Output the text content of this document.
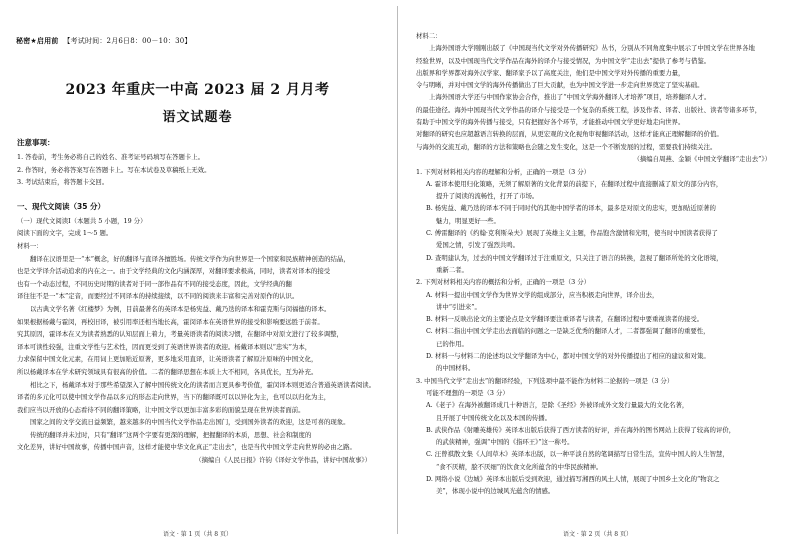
秘密★启用前 【考试时间：2月6日8：00－10：30】
2023 年重庆一中高 2023 届 2 月月考
语文试题卷
注意事项：
1. 答卷前，考生务必将自己的姓名、准考证号码填写在答题卡上。
2. 作答时，务必将答案写在答题卡上。写在本试卷及草稿纸上无效。
3. 考试结束后，将答题卡交回。
一、现代文阅读（35 分）
（一）现代文阅读Ⅰ（本题共 5 小题，19 分）
阅读下面的文字，完成 1～5 题。
材料一：
翻译在汉语里是一“本”概念，好的翻译与直译各擅胜场。传统文学作为向世界是一个国家和民族精神创造的结晶，
也是文学译介活动追求的内在之一。由于文学经典的文化内涵深厚，对翻译要求极高，同时，读者对译本的接受
也有一个动态过程，不同历史时期的读者对于同一部作品有不同的接受态度，因此，文学经典的翻
译往往不是一“本”定音，而要经过不同译本的持续接续，以不同的阅读来丰富和完善对原作的认识。
以古典文学名著《红楼梦》为例，目前最著名的英译本是杨宪益、戴乃迭的译本和霍克斯与闵福德的译本。
如果根据杨戴与霍闵，再校旧译，被引用率还相当地长高，霍闵译本在英语世界的接受和影响要远胜于前者。
究其原因，霍译本在又为读者熟悉的认知层面上着力，考量英语读者的阅读习惯，在翻译中对原文进行了较多调整，
译本可读性较强，注重文学性与艺术性，因而更受到了英语世界读者的欢迎。杨戴译本则以“忠实”为本，
力求保留中国文化元素，在用词上更加贴近原著，更多地采用直译，让英语读者了解原汁原味的中国文化，
所以杨戴译本在学术研究领域具有很高的价值。二者的翻译思想在本质上大不相同，各具优长，互为补充。
相比之下，杨戴译本对于那些希望深入了解中国传统文化的读者而言更具参考价值，霍闵译本则更适合普通英语读者阅读。
译者的多元化可以使中国文学作品以多元的形态走向世界，当下的翻译既可以以异化为主，也可以以归化为主，
我们应当以开放的心态看待不同的翻译策略，让中国文学以更加丰富多彩的面貌呈现在世界读者面前。
国家之间的文学交流日益频繁，越来越多的中国当代文学作品走出国门，受到国外读者的欢迎，这是可喜的现象。
传统的翻译并未过时，只有“翻译”这两个字要有更深的理解，把握翻译的本质，思想、社会和制度的
文化差异，讲好中国故事，传播中国声音，这样才能使中华文化真正“走出去”，也是当代中国文学走向世界的必由之路。
（摘编自《人民日报》许钧《译好文学作品，讲好中国故事》）
语文 · 第 1 页（共 8 页）
材料二：
上海外国语大学刚刚出版了《中国现当代文学对外传播研究》丛书，分别从不同角度集中展示了中国文学在世界各地
经验世界，以及中国现当代文学作品在海外的译介与接受情况，为中国文学“走出去”提供了参考与借鉴。
出版界和学界都对海外汉学家、翻译家予以了高度关注，他们是中国文学对外传播的重要力量，
令与明晰，并对中国文学的海外传播做出了巨大贡献，也为中国文学进一步走向世界奠定了坚实基础。
上海外国语大学还与中国作家协会合作，推出了“中国文学海外翻译人才培养”项目，培养翻译人才。
的最佳途径。海外中国现当代文学作品的译介与接受是一个复杂的系统工程，涉及作者、译者、出版社、读者等诸多环节，
有助于中国文学的海外传播与接受，只有把握好各个环节，才能推动中国文学更好地走向世界。
对翻译的研究也应超越语言转换的层面，从更宏观的文化视角审视翻译活动，这样才能真正理解翻译的价值。
与海外的交流互动，翻译的方法和策略也会随之发生变化，这是一个不断发展的过程，需要我们持续关注。
（摘编自周燕、金颖《中国文学翻译“走出去”》）
1. 下列对材料相关内容的理解和分析，正确的一项是（3 分）
A. 霍译本使用归化策略，无须了解原著的文化背景的前提下，在翻译过程中直接删减了原文的部分内容，
提升了阅读的流畅性，打开了市场。
B. 杨宪益、戴乃迭的译本不同于同时代的其他中国学者的译本，最多是对原文的忠实，更加贴近原著的
魅力，明显更好一些。
C. 傅雷翻译的《约翰·克利斯朵夫》展现了英雄主义主题，作品饱含激情和光明，使当时中国读者获得了
爱国之情，引发了强烈共鸣。
D. 查明建认为，过去的中国文学翻译过于注重原文，只关注了语言的转换，忽视了翻译所处的文化语境，
重新二者。
2. 下列对材料相关内容的概括和分析，正确的一项是（3 分）
A. 材料一提出中国文学作为世界文学的组成部分，应当积极走向世界，译介出去，
讲中“引进来”。
B. 材料一反映出论文的主要论点是文学翻译要注重译者与读者，在翻译过程中要重视读者的接受。
C. 材料二指出中国文学走出去面临的问题之一是缺乏优秀的翻译人才，二者都强调了翻译的重要性，
已的作用。
D. 材料一与材料二的论述均以文学翻译为中心，都对中国文学的对外传播提出了相应的建议和对策。
的中国材料。
3. 中国当代文学“走出去”的翻译经验，下列选项中最不能作为材料二论据的一项是（3 分）
可能不理想的一项是（3 分）
A.《老子》在海外被翻译成几十种语言，是除《圣经》外被译成外文发行量最大的文化名著，
且开展了中国传统文化以及本国的传播。
B. 武侠作品《射雕英雄传》英译本出版后获得了西方读者的好评，并在海外的图书网站上获得了较高的评价，
的武侠精神，强调“中国的《指环王》”这一称号。
C. 汪曾祺散文集《人间草木》英译本出版，以一种平淡自然的笔调描写日常生活，宣传中国人的人生智慧，
“食不厌精，脍不厌细”的饮食文化所蕴含的中华民族精神。
D. 网络小说《边城》英译本出版后受到欢迎，通过描写湘西的风土人情，展现了中国乡土文化的“物哀之
美”，体现小说中的边城风光蕴含的情感。
语文 · 第 2 页（共 8 页）
